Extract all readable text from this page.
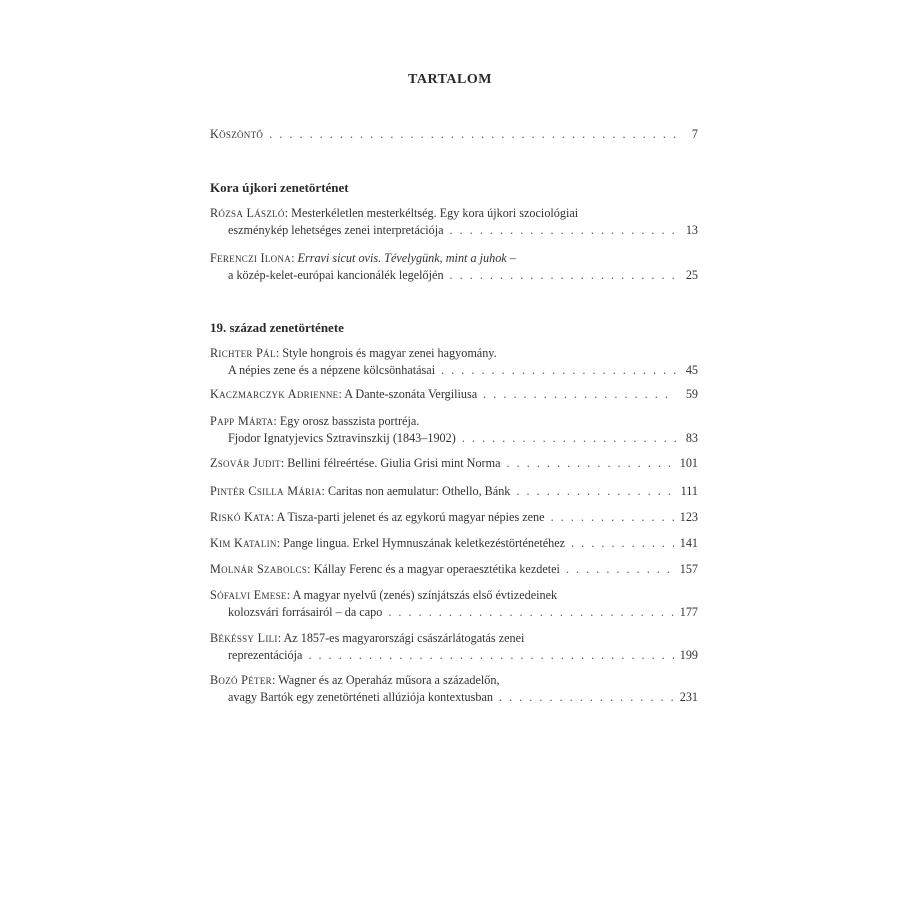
TARTALOM
Köszöntő . . .	7
Kora újkori zenetörténet
Rózsa László: Mesterkéletlen mesterkéltség. Egy kora újkori szociológiai
eszménykép lehetséges zenei interpretációja . . .	13
Ferenczi Ilona: Erravi sicut ovis. Tévelygünk, mint a juhok –
a közép-kelet-európai kancionálék legelőjén . . .	25
19. század zenetörténete
Richter Pál: Style hongrois és magyar zenei hagyomány.
A népies zene és a népzene kölcsönhatásai . . .	45
Kaczmarczyk Adrienne: A Dante-szonáta Vergiliusa . . .	59
Papp Márta: Egy orosz basszista portréja.
Fjodor Ignatyjevics Sztravinszkij (1843–1902) . . .	83
Zsovár Judit: Bellini félreértése. Giulia Grisi mint Norma . . .	101
Pintér Csilla Mária: Caritas non aemulatur: Othello, Bánk . . .	111
Riskó Kata: A Tisza-parti jelenet és az egykorú magyar népies zene . . .	123
Kim Katalin: Pange lingua. Erkel Hymnuszának keletkezéstörténetéhez . . .	141
Molnár Szabolcs: Kállay Ferenc és a magyar operaesztétika kezdetei . . .	157
Sófalvi Emese: A magyar nyelvű (zenés) színjátszás első évtizedeinek
kolozsvári forrásairól – da capo . . .	177
Békéssy Lili: Az 1857-es magyarországi császárlátogatás zenei
reprezentációja . . .	199
Bozó Péter: Wagner és az Operaház műsora a századelőn,
avagy Bartók egy zenetörténeti allúziója kontextusban . . .	231
